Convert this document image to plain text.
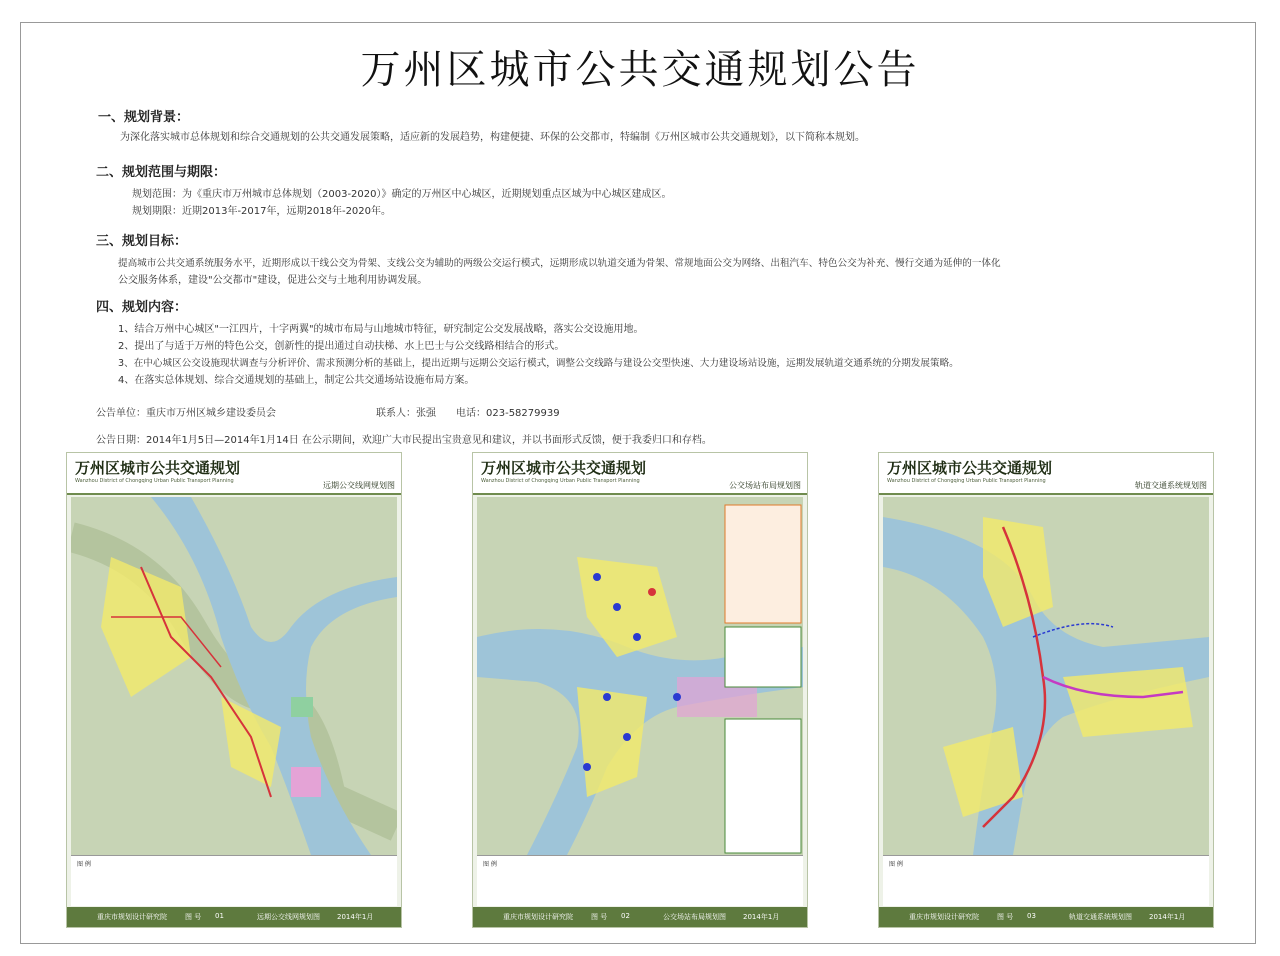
万州区城市公共交通规划公告
一、规划背景：
为深化落实城市总体规划和综合交通规划的公共交通发展策略，适应新的发展趋势，构建便捷、环保的公交都市，特编制《万州区城市公共交通规划》，以下简称本规划。
二、规划范围与期限：
规划范围：为《重庆市万州城市总体规划（2003-2020）》确定的万州区中心城区，近期规划重点区域为中心城区建成区。
规划期限：近期2013年-2017年，远期2018年-2020年。
三、规划目标：
提高城市公共交通系统服务水平，近期形成以干线公交为骨架、支线公交为辅助的两级公交运行模式，远期形成以轨道交通为骨架、常规地面公交为网络、出租汽车、特色公交为补充、慢行交通为延伸的一体化
公交服务体系，建设"公交都市"建设，促进公交与土地利用协调发展。
四、规划内容：
1、结合万州中心城区"一江四片，十字两翼"的城市布局与山地城市特征，研究制定公交发展战略，落实公交设施用地。
2、提出了与适于万州的特色公交，创新性的提出通过自动扶梯、水上巴士与公交线路相结合的形式。
3、在中心城区公交设施现状调查与分析评价、需求预测分析的基础上，提出近期与远期公交运行模式，调整公交线路与建设公交型快速、大力建设场站设施，远期发展轨道交通系统的分期发展策略。
4、在落实总体规划、综合交通规划的基础上，制定公共交通场站设施布局方案。
公告单位：重庆市万州区城乡建设委员会	联系人：张强 电话：023-58279939
公告日期：2014年1月5日—2014年1月14日 在公示期间，欢迎广大市民提出宝贵意见和建议，并以书面形式反馈，便于我委归口和存档。
万州区城市公共交通规划
Wanzhou District of Chongqing Urban Public Transport Planning	远期公交线网规划图
图 例
重庆市规划设计研究院	图 号 01	远期公交线网规划图 2014年1月
万州区城市公共交通规划
Wanzhou District of Chongqing Urban Public Transport Planning	公交场站布局规划图
图 例
重庆市规划设计研究院	图 号 02	公交场站布局规划图 2014年1月
万州区城市公共交通规划
Wanzhou District of Chongqing Urban Public Transport Planning	轨道交通系统规划图
图 例
重庆市规划设计研究院	图 号 03	轨道交通系统规划图 2014年1月
